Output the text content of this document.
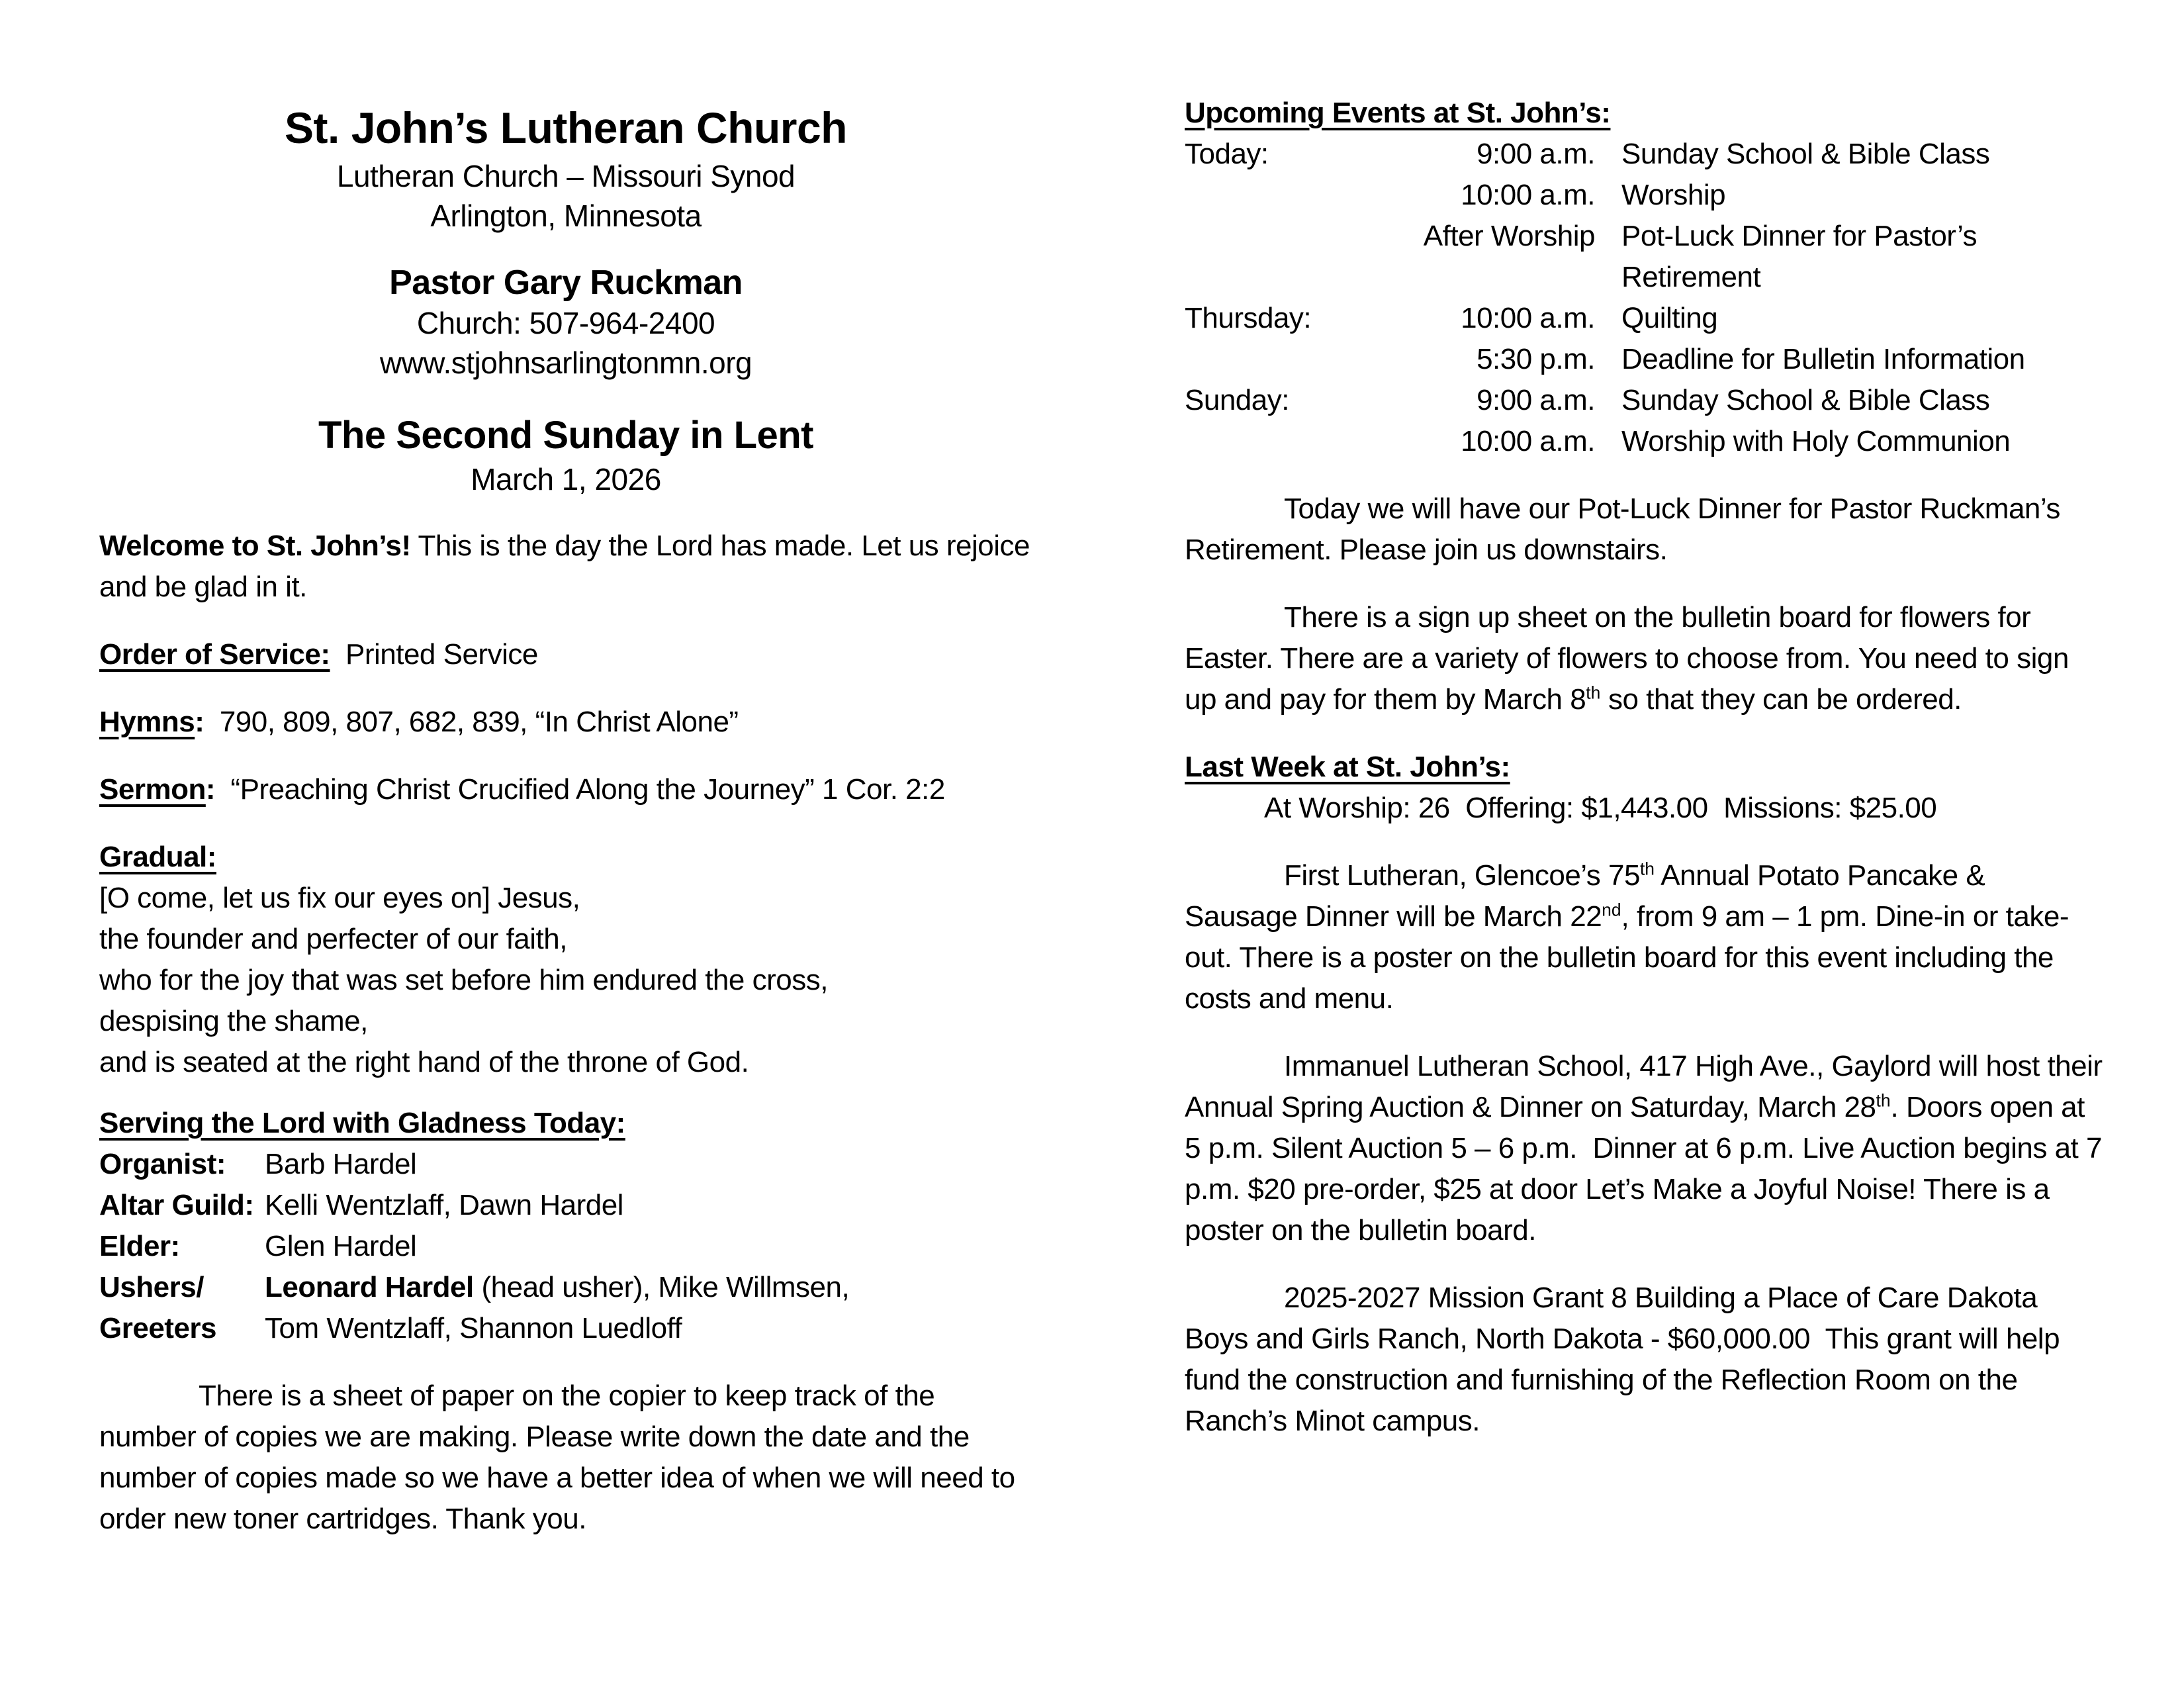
St. John’s Lutheran Church

Lutheran Church – Missouri Synod

Arlington, Minnesota

Pastor Gary Ruckman

Church: 507-964-2400

www.stjohnsarlingtonmn.org

The Second Sunday in Lent

March 1, 2026

Welcome to St. John’s! This is the day the Lord has made. Let us rejoice and be glad in it.

Order of Service:  Printed Service

Hymns:  790, 809, 807, 682, 839, “In Christ Alone”

Sermon:  “Preaching Christ Crucified Along the Journey” 1 Cor. 2:2

Gradual:

[O come, let us fix our eyes on] Jesus,

the founder and perfecter of our faith,

who for the joy that was set before him endured the cross,

despising the shame,

and is seated at the right hand of the throne of God.

Serving the Lord with Gladness Today:

Organist:	Barb Hardel
Altar Guild: Kelli Wentzlaff, Dawn Hardel
Elder:	Glen Hardel
Ushers/	Leonard Hardel (head usher), Mike Willmsen,
Greeters	Tom Wentzlaff, Shannon Luedloff

There is a sheet of paper on the copier to keep track of the number of copies we are making. Please write down the date and the number of copies made so we have a better idea of when we will need to order new toner cartridges. Thank you.

Upcoming Events at St. John’s:

Today:	9:00 a.m. Sunday School & Bible Class
10:00 a.m. Worship
After Worship Pot-Luck Dinner for Pastor’s
Retirement
Thursday:	10:00 a.m. Quilting
5:30 p.m. Deadline for Bulletin Information
Sunday:	9:00 a.m. Sunday School & Bible Class
10:00 a.m. Worship with Holy Communion

Today we will have our Pot-Luck Dinner for Pastor Ruckman’s Retirement. Please join us downstairs.

There is a sign up sheet on the bulletin board for flowers for Easter. There are a variety of flowers to choose from. You need to sign up and pay for them by March 8th so that they can be ordered.

Last Week at St. John’s:

At Worship: 26  Offering: $1,443.00  Missions: $25.00

First Lutheran, Glencoe’s 75th Annual Potato Pancake & Sausage Dinner will be March 22nd, from 9 am – 1 pm. Dine-in or take-out. There is a poster on the bulletin board for this event including the costs and menu.

Immanuel Lutheran School, 417 High Ave., Gaylord will host their Annual Spring Auction & Dinner on Saturday, March 28th. Doors open at 5 p.m. Silent Auction 5 – 6 p.m.  Dinner at 6 p.m. Live Auction begins at 7 p.m. $20 pre-order, $25 at door Let’s Make a Joyful Noise! There is a poster on the bulletin board.

2025-2027 Mission Grant 8 Building a Place of Care Dakota Boys and Girls Ranch, North Dakota - $60,000.00  This grant will help fund the construction and furnishing of the Reflection Room on the Ranch’s Minot campus.
